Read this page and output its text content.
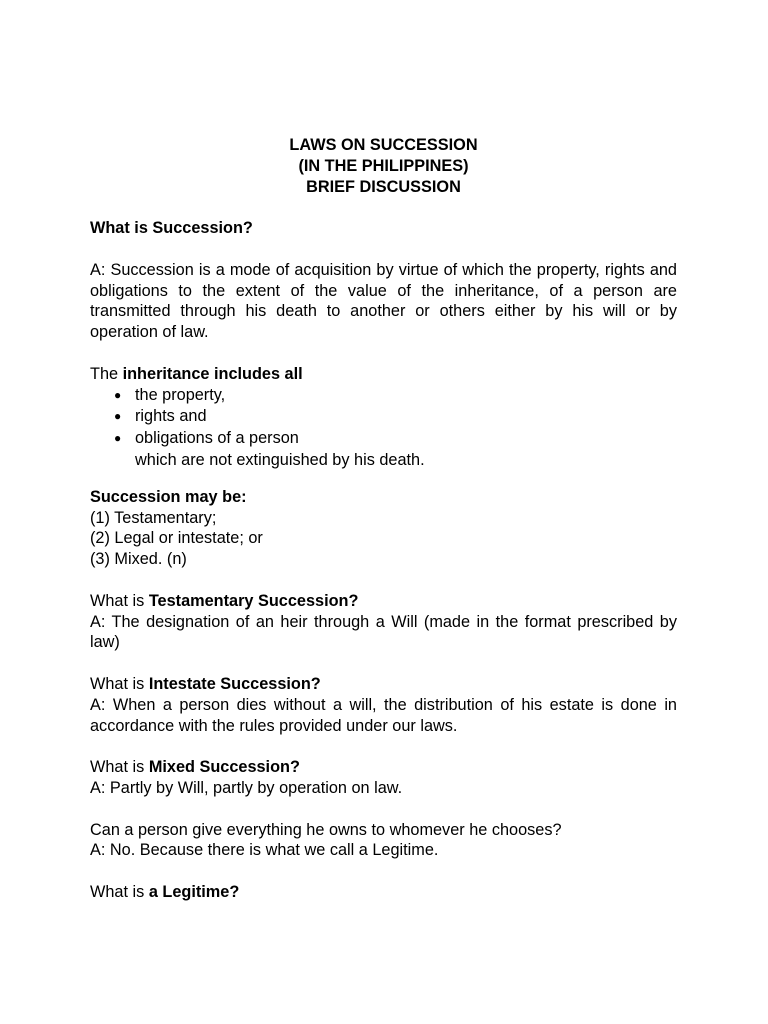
LAWS ON SUCCESSION
(IN THE PHILIPPINES)
BRIEF DISCUSSION

What is Succession?

A: Succession is a mode of acquisition by virtue of which the property, rights and obligations to the extent of the value of the inheritance, of a person are transmitted through his death to another or others either by his will or by operation of law.

The inheritance includes all

● the property,
● rights and
● obligations of a person

which are not extinguished by his death.

Succession may be:

(1) Testamentary;

(2) Legal or intestate; or

(3) Mixed. (n)

What is Testamentary Succession?

A: The designation of an heir through a Will (made in the format prescribed by law)

What is Intestate Succession?

A: When a person dies without a will, the distribution of his estate is done in accordance with the rules provided under our laws.

What is Mixed Succession?

A: Partly by Will, partly by operation on law.

Can a person give everything he owns to whomever he chooses?

A: No. Because there is what we call a Legitime.

What is a Legitime?
